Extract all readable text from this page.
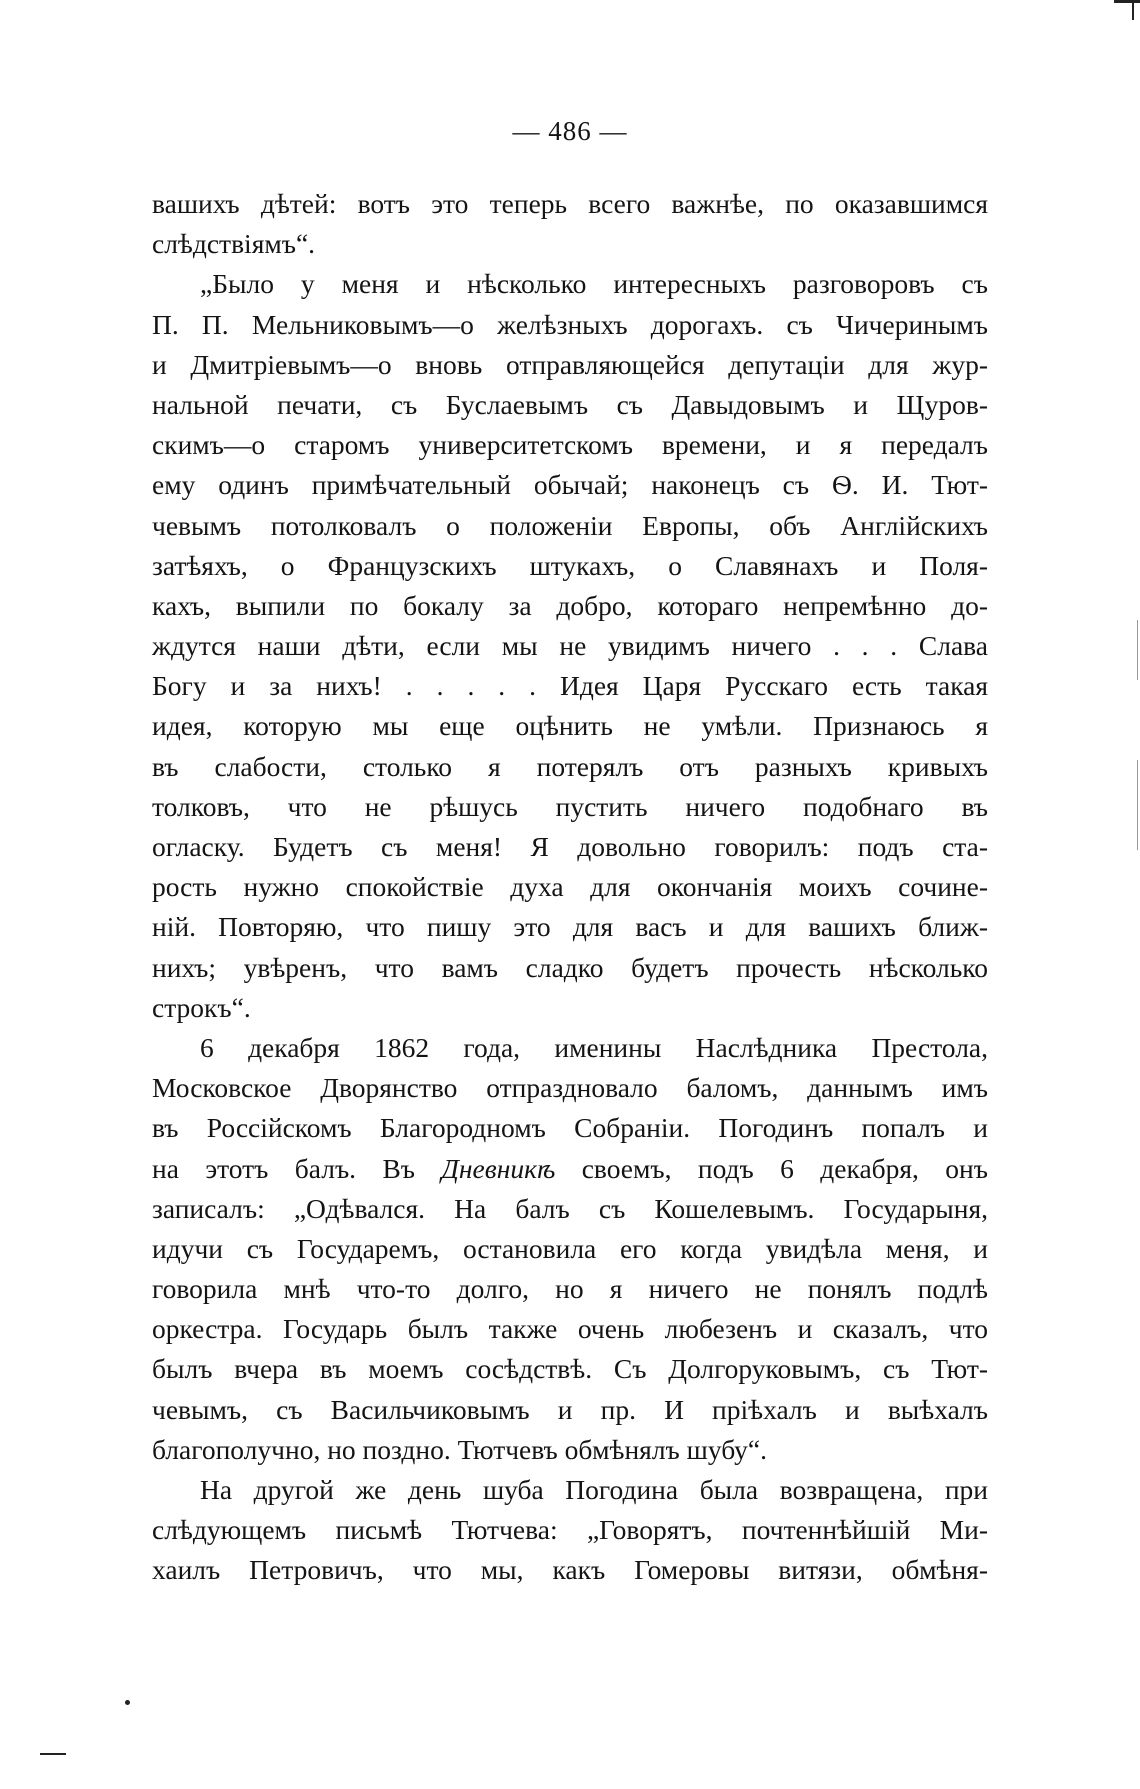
— 486 —
вашихъ дѣтей: вотъ это теперь всего важнѣе, по оказавшимся
слѣдствіямъ“.
„Было у меня и нѣсколько интересныхъ разговоровъ съ
П. П. Мельниковымъ—о желѣзныхъ дорогахъ. съ Чичеринымъ
и Дмитріевымъ—о вновь отправляющейся депутаціи для жур-
нальной печати, съ Буслаевымъ съ Давыдовымъ и Щуров-
скимъ—о старомъ университетскомъ времени, и я передалъ
ему одинъ примѣчательный обычай; наконецъ съ Ѳ. И. Тют-
чевымъ потолковалъ о положеніи Европы, объ Англійскихъ
затѣяхъ, о Французскихъ штукахъ, о Славянахъ и Поля-
кахъ, выпили по бокалу за добро, котораго непремѣнно до-
ждутся наши дѣти, если мы не увидимъ ничего . . . Слава
Богу и за нихъ! . . . . . Идея Царя Русскаго есть такая
идея, которую мы еще оцѣнить не умѣли. Признаюсь я
въ слабости, столько я потерялъ отъ разныхъ кривыхъ
толковъ, что не рѣшусь пустить ничего подобнаго въ
огласку. Будетъ съ меня! Я довольно говорилъ: подъ ста-
рость нужно спокойствіе духа для окончанія моихъ сочине-
ній. Повторяю, что пишу это для васъ и для вашихъ ближ-
нихъ; увѣренъ, что вамъ сладко будетъ прочесть нѣсколько
строкъ“.
6 декабря 1862 года, именины Наслѣдника Престола,
Московское Дворянство отпраздновало баломъ, даннымъ имъ
въ Россійскомъ Благородномъ Собраніи. Погодинъ попалъ и
на этотъ балъ. Въ Дневникѣ своемъ, подъ 6 декабря, онъ
записалъ: „Одѣвался. На балъ съ Кошелевымъ. Государыня,
идучи съ Государемъ, остановила его когда увидѣла меня, и
говорила мнѣ что-то долго, но я ничего не понялъ подлѣ
оркестра. Государь былъ также очень любезенъ и сказалъ, что
былъ вчера въ моемъ сосѣдствѣ. Съ Долгоруковымъ, съ Тют-
чевымъ, съ Васильчиковымъ и пр. И пріѣхалъ и выѣхалъ
благополучно, но поздно. Тютчевъ обмѣнялъ шубу“.
На другой же день шуба Погодина была возвращена, при
слѣдующемъ письмѣ Тютчева: „Говорятъ, почтеннѣйшій Ми-
хаилъ Петровичъ, что мы, какъ Гомеровы витязи, обмѣня-
